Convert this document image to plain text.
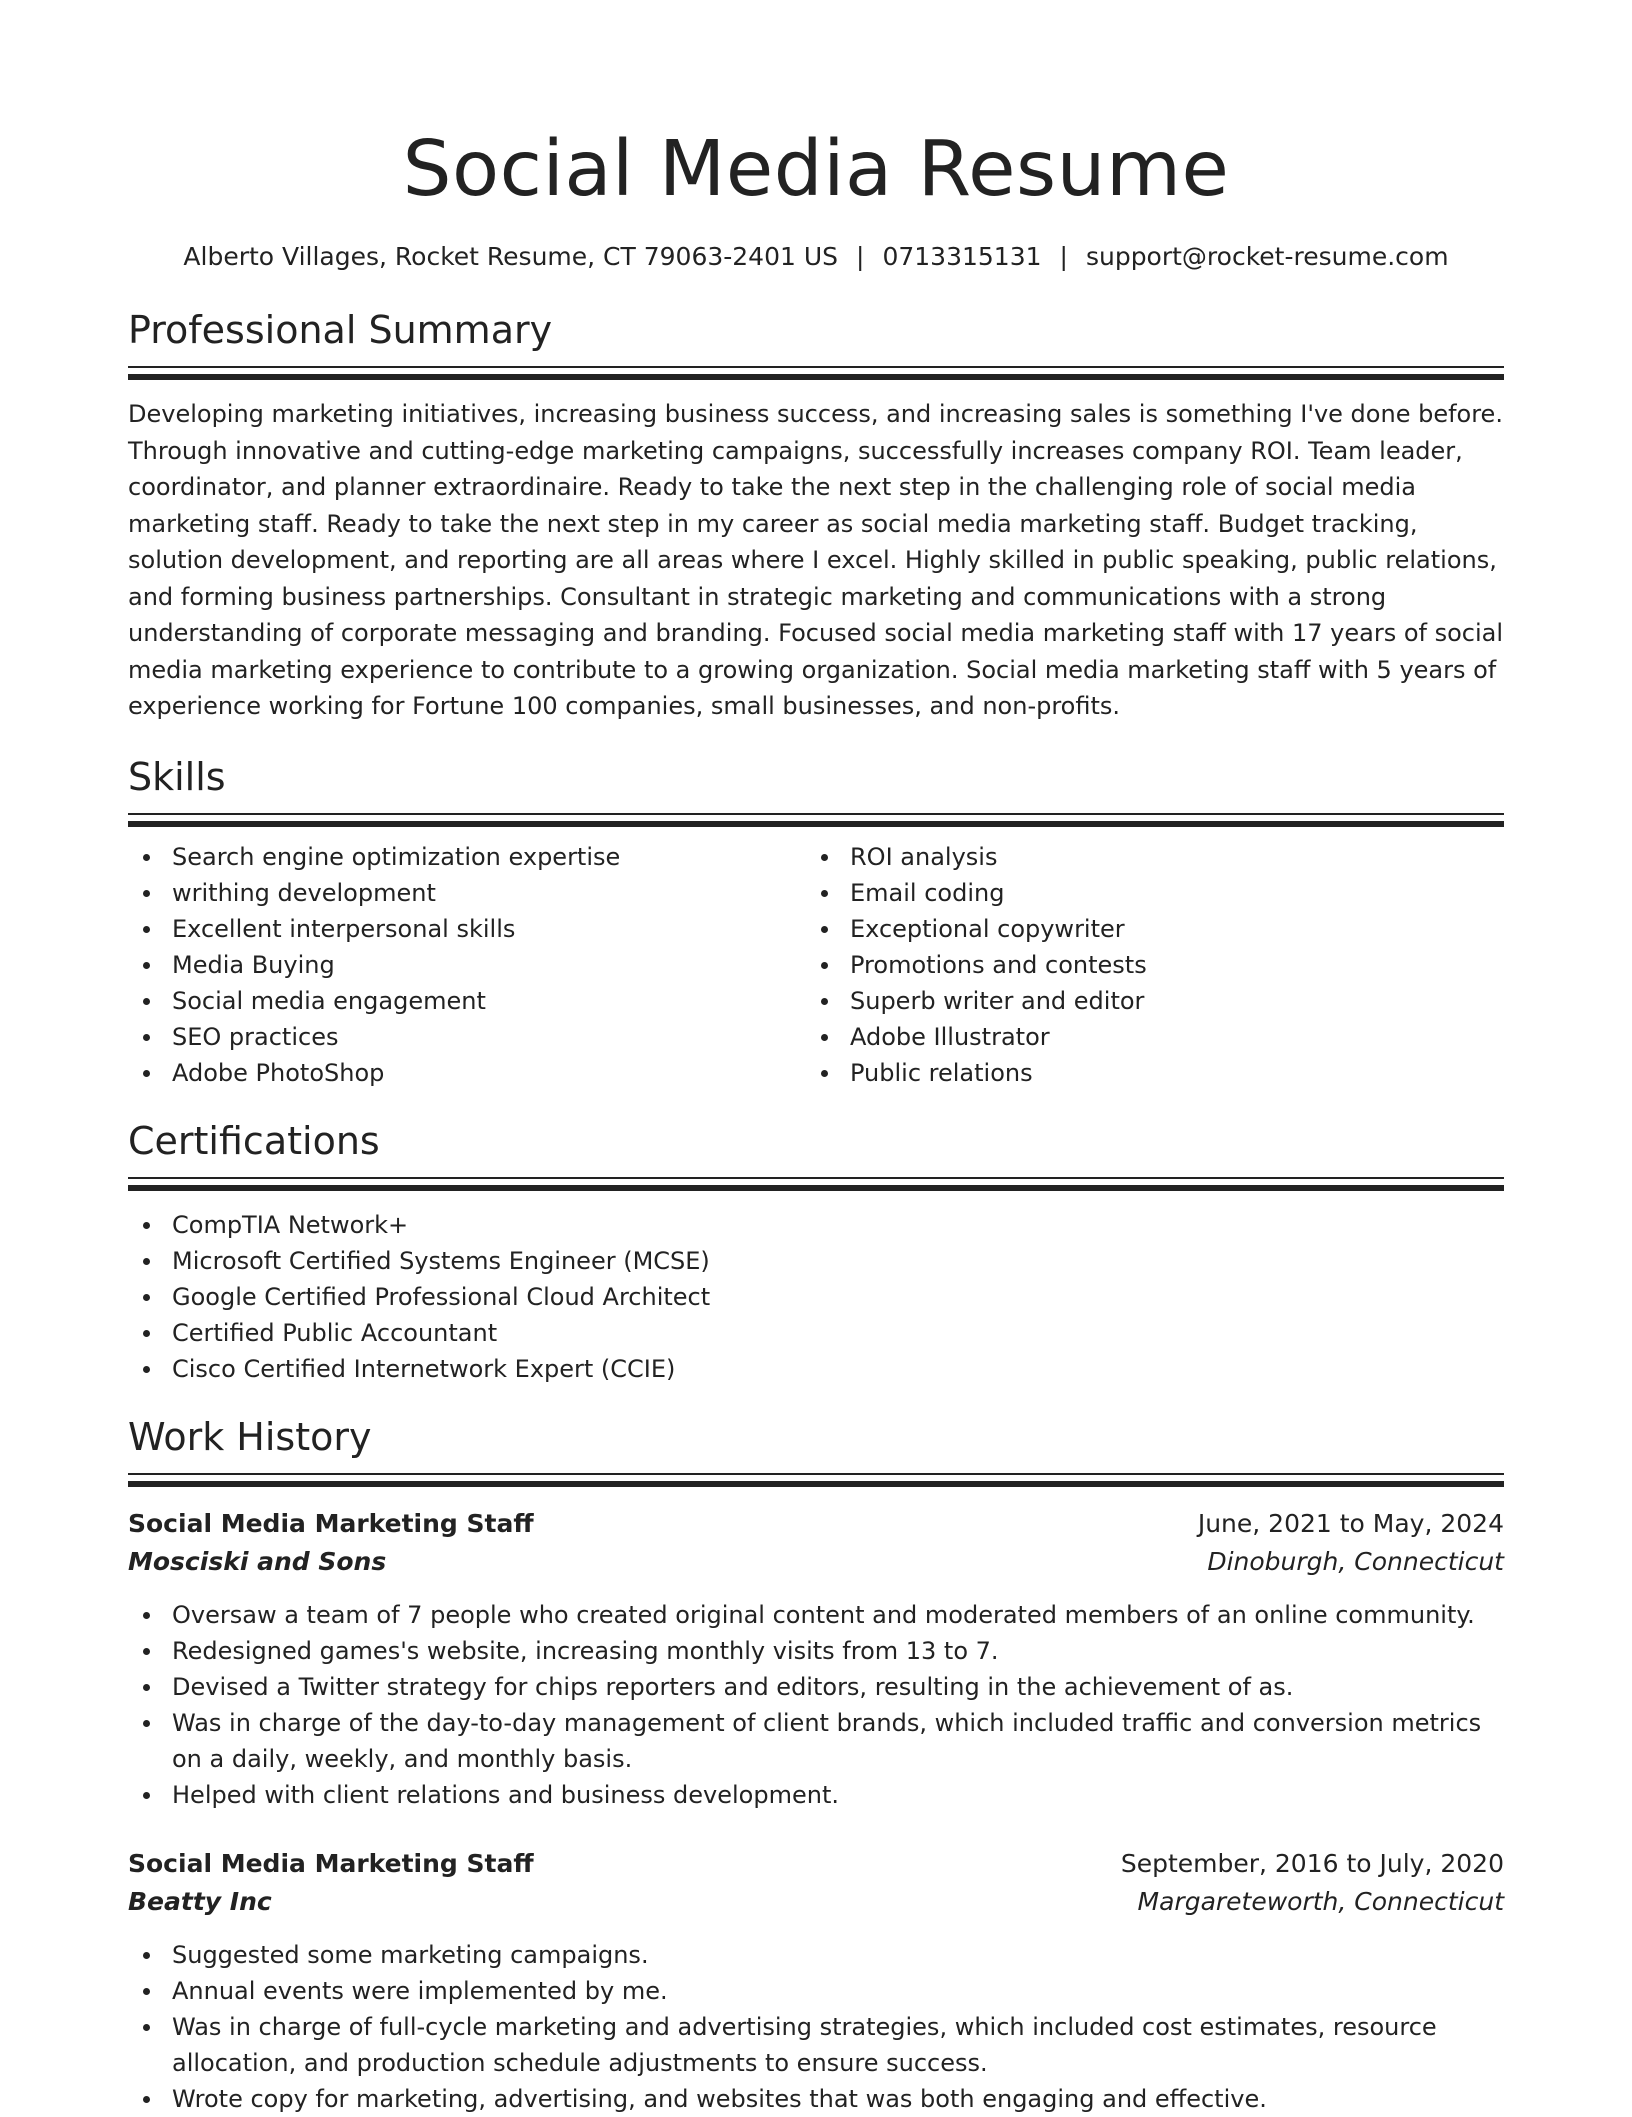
Social Media Resume
Alberto Villages, Rocket Resume, CT 79063-2401 US | 0713315131 | support@rocket-resume.com
Professional Summary

Developing marketing initiatives, increasing business success, and increasing sales is something I've done before. Through innovative and cutting-edge marketing campaigns, successfully increases company ROI. Team leader, coordinator, and planner extraordinaire. Ready to take the next step in the challenging role of social media marketing staff. Ready to take the next step in my career as social media marketing staff. Budget tracking, solution development, and reporting are all areas where I excel. Highly skilled in public speaking, public relations, and forming business partnerships. Consultant in strategic marketing and communications with a strong understanding of corporate messaging and branding. Focused social media marketing staff with 17 years of social media marketing experience to contribute to a growing organization. Social media marketing staff with 5 years of experience working for Fortune 100 companies, small businesses, and non-profits.

Skills
Search engine optimization expertise
writhing development
Excellent interpersonal skills
Media Buying
Social media engagement
SEO practices
Adobe PhotoShop
ROI analysis
Email coding
Exceptional copywriter
Promotions and contests
Superb writer and editor
Adobe Illustrator
Public relations
Certifications
CompTIA Network+
Microsoft Certified Systems Engineer (MCSE)
Google Certified Professional Cloud Architect
Certified Public Accountant
Cisco Certified Internetwork Expert (CCIE)
Work History
Social Media Marketing Staff	June, 2021 to May, 2024
Mosciski and Sons	Dinoburgh, Connecticut
Oversaw a team of 7 people who created original content and moderated members of an online community.
Redesigned games's website, increasing monthly visits from 13 to 7.
Devised a Twitter strategy for chips reporters and editors, resulting in the achievement of as.
Was in charge of the day-to-day management of client brands, which included traffic and conversion metrics on a daily, weekly, and monthly basis.
Helped with client relations and business development.
Social Media Marketing Staff	September, 2016 to July, 2020
Beatty Inc	Margareteworth, Connecticut
Suggested some marketing campaigns.
Annual events were implemented by me.
Was in charge of full-cycle marketing and advertising strategies, which included cost estimates, resource allocation, and production schedule adjustments to ensure success.
Wrote copy for marketing, advertising, and websites that was both engaging and effective.
